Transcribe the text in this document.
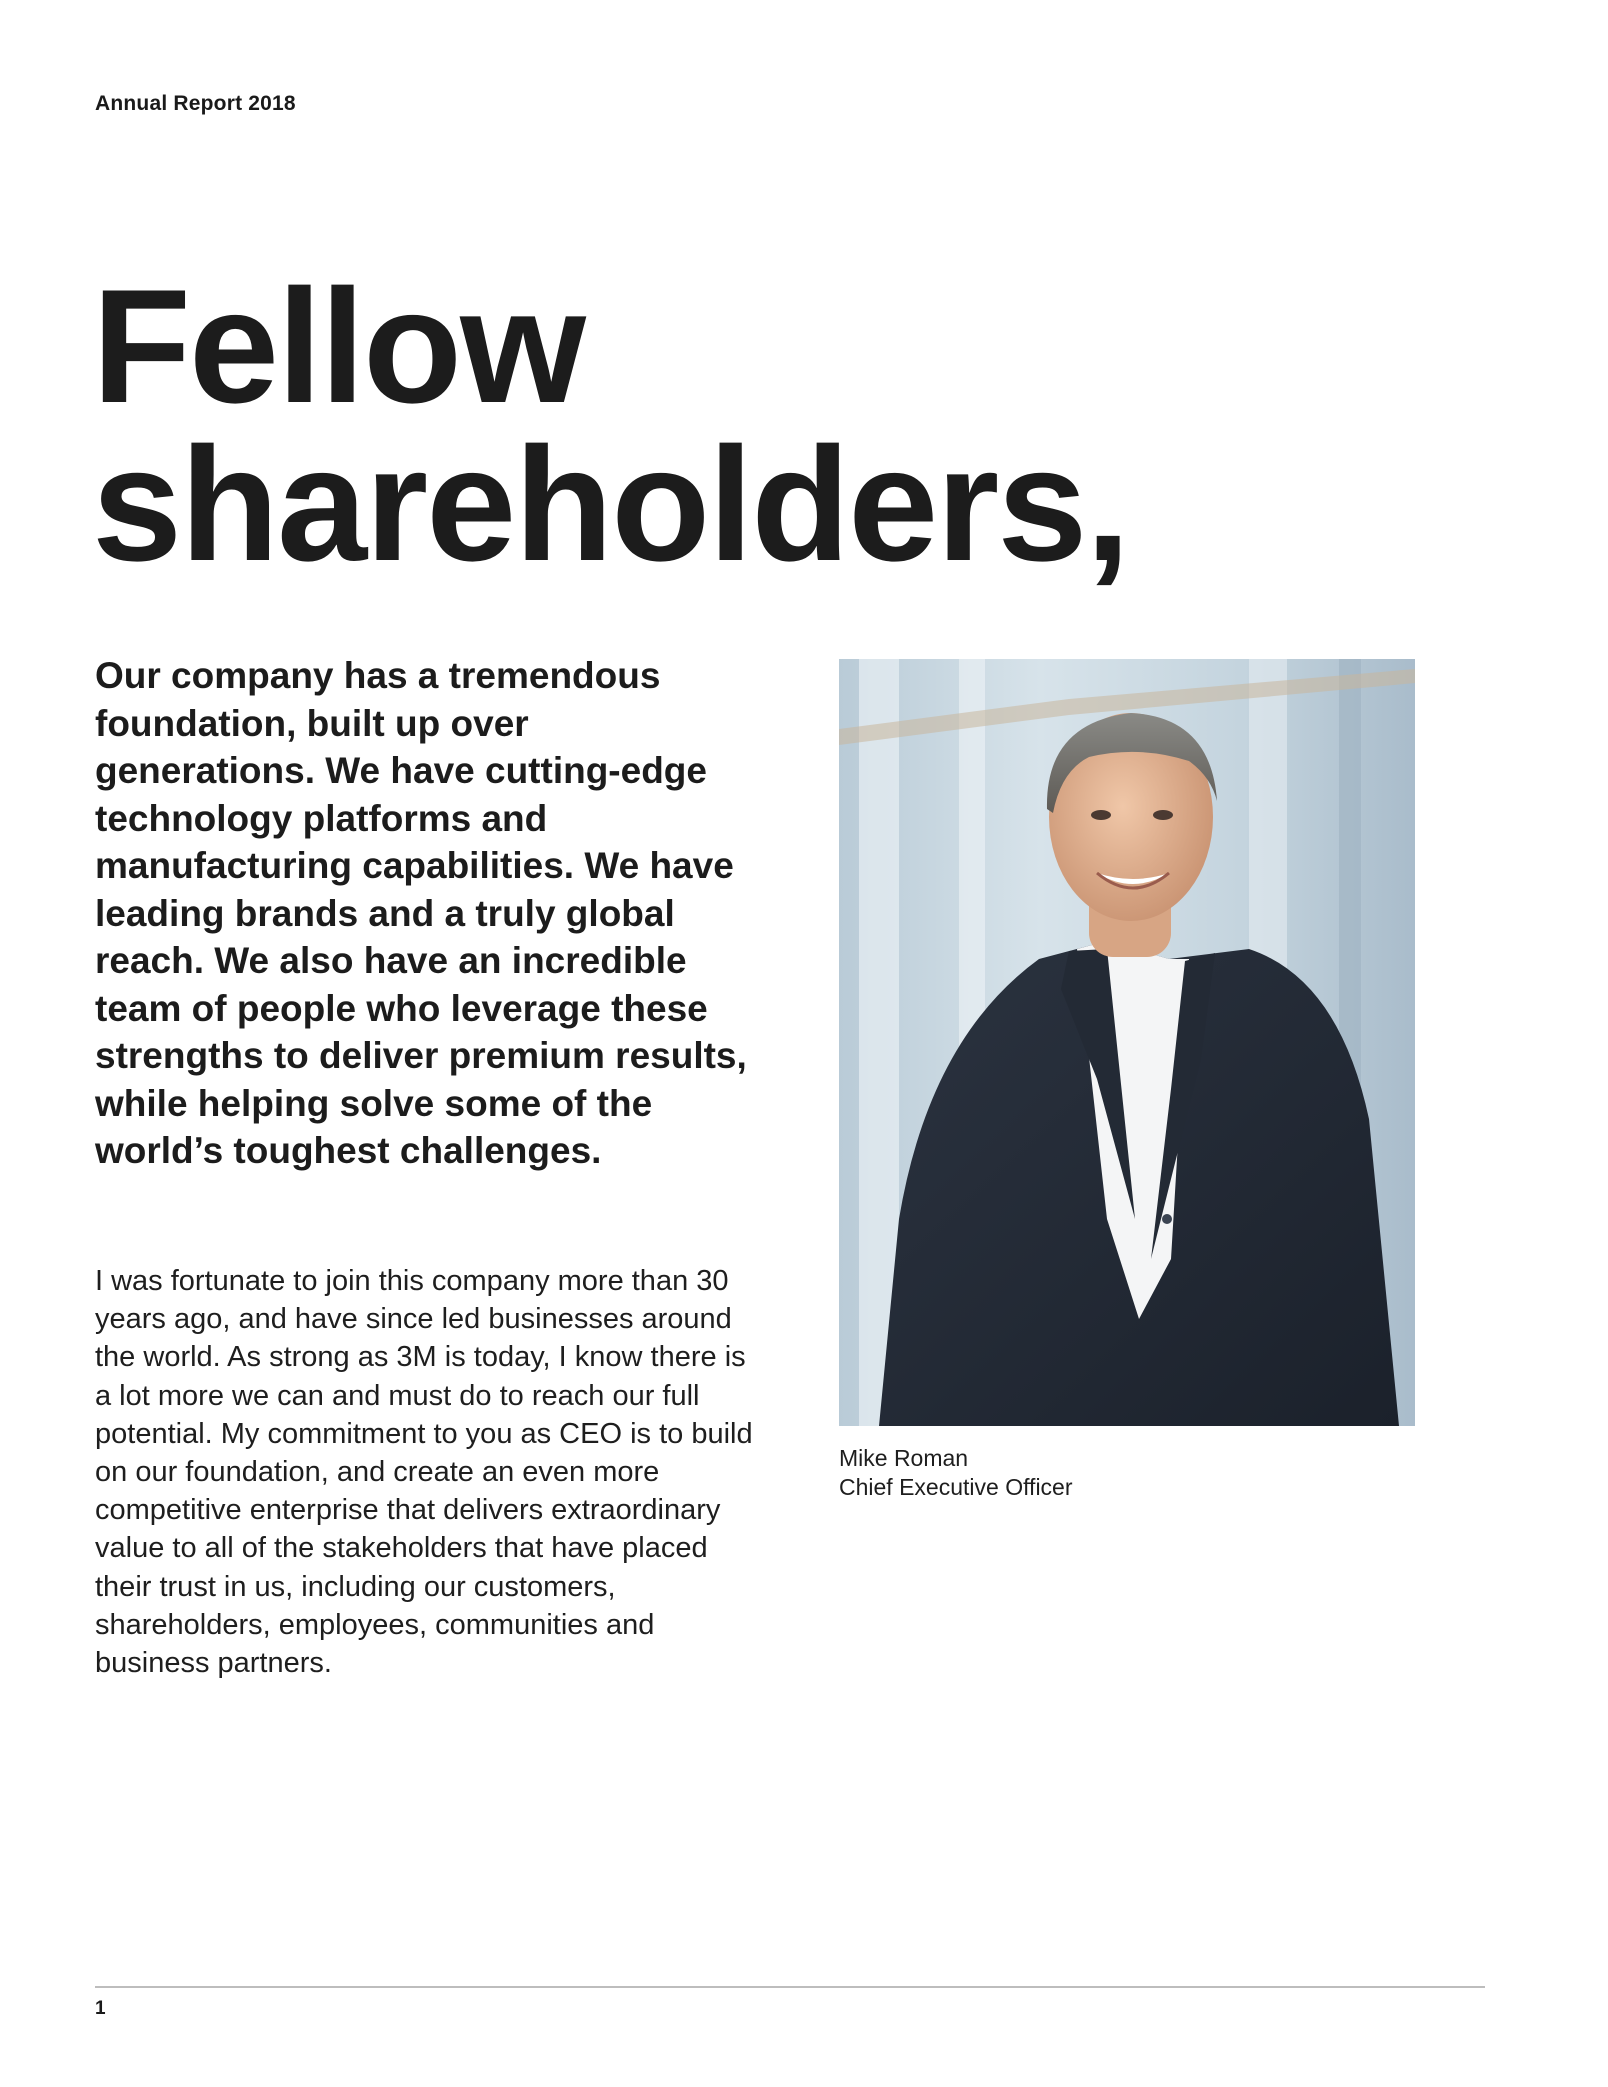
Annual Report 2018
Fellow
shareholders,

Our company has a tremendous foundation, built up over generations. We have cutting-edge technology platforms and manufacturing capabilities. We have leading brands and a truly global reach. We also have an incredible team of people who leverage these strengths to deliver premium results, while helping solve some of the world’s toughest challenges.

I was fortunate to join this company more than 30 years ago, and have since led businesses around the world. As strong as 3M is today, I know there is a lot more we can and must do to reach our full potential. My commitment to you as CEO is to build on our foundation, and create an even more competitive enterprise that delivers extraordinary value to all of the stakeholders that have placed their trust in us, including our customers, shareholders, employees, communities and business partners.

Mike Roman
Chief Executive Officer
1
